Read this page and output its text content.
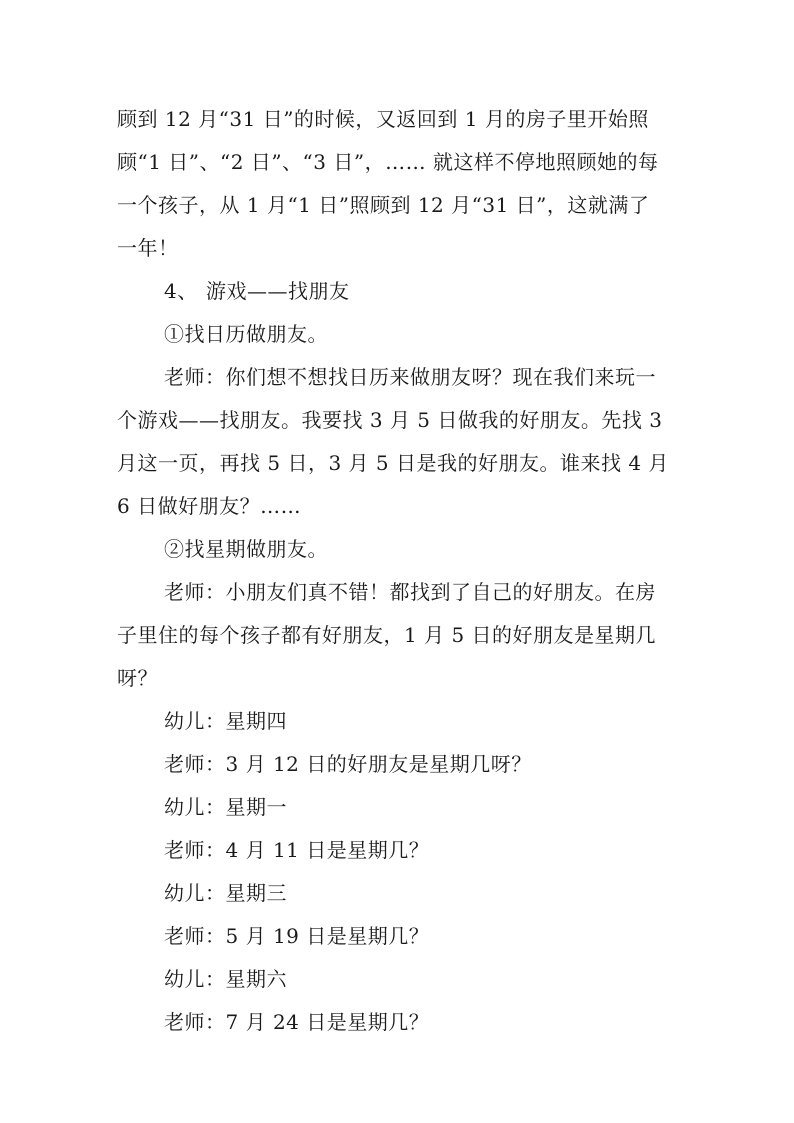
顾到 12 月“31 日”的时候，又返回到 1 月的房子里开始照
顾“1 日”、“2 日”、“3 日”，…… 就这样不停地照顾她的每
一个孩子，从 1 月“1 日”照顾到 12 月“31 日”，这就满了
一年！
4、 游戏——找朋友
①找日历做朋友。
老师：你们想不想找日历来做朋友呀？现在我们来玩一
个游戏——找朋友。我要找 3 月 5 日做我的好朋友。先找 3
月这一页，再找 5 日，3 月 5 日是我的好朋友。谁来找 4 月
6 日做好朋友？……
②找星期做朋友。
老师：小朋友们真不错！都找到了自己的好朋友。在房
子里住的每个孩子都有好朋友，1 月 5 日的好朋友是星期几
呀？
幼儿：星期四
老师：3 月 12 日的好朋友是星期几呀？
幼儿：星期一
老师：4 月 11 日是星期几？
幼儿：星期三
老师：5 月 19 日是星期几？
幼儿：星期六
老师：7 月 24 日是星期几？
